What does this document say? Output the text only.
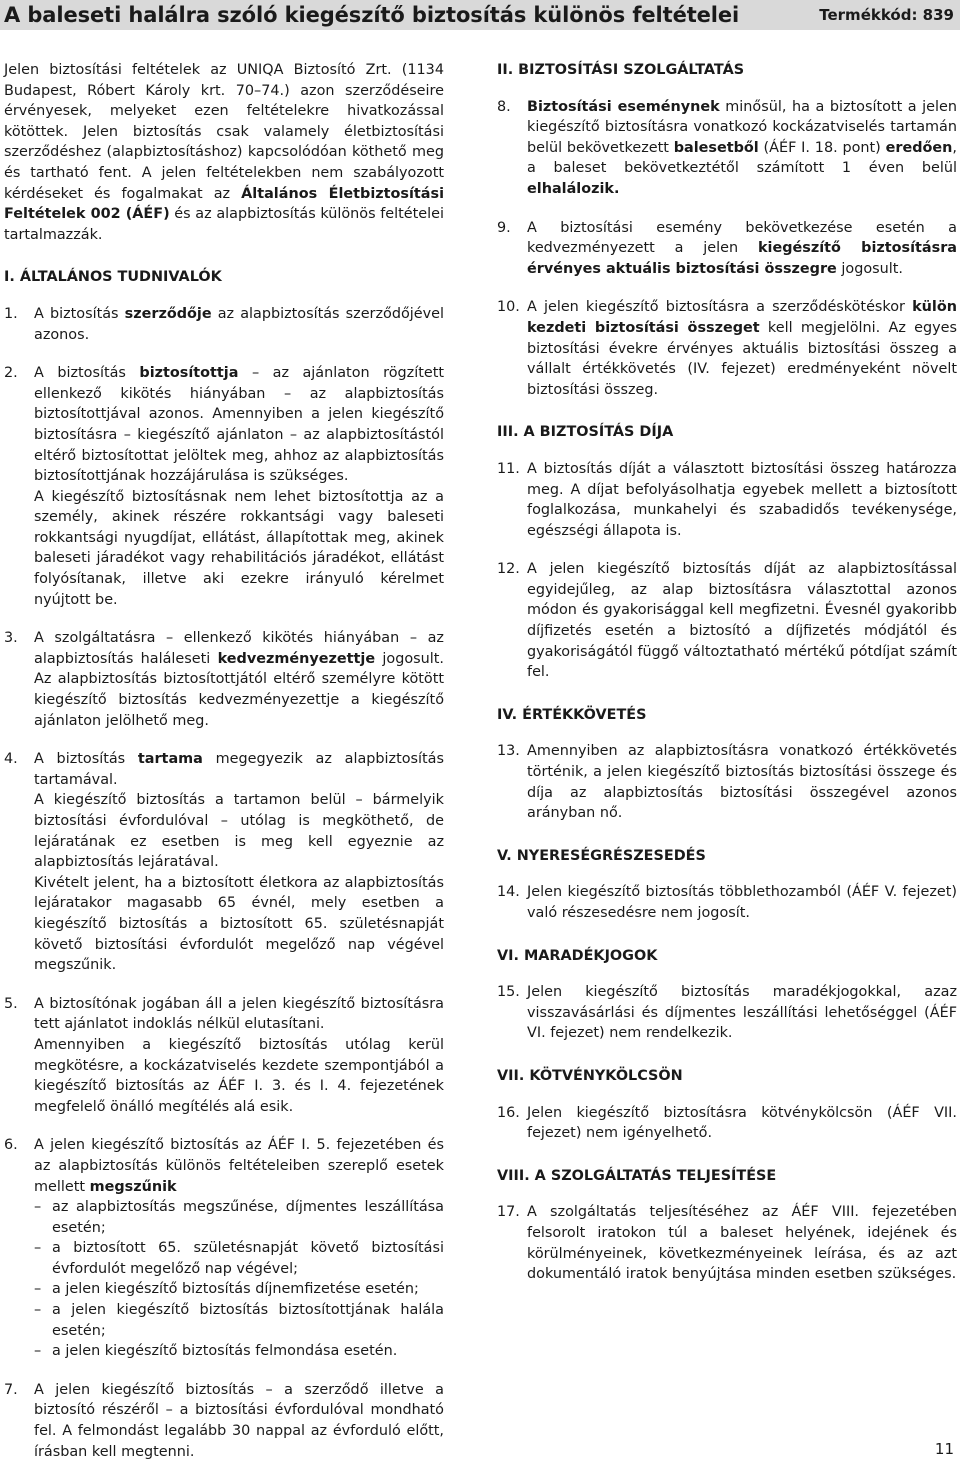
A baleseti halálra szóló kiegészítő biztosítás különös feltételei	Termékkód: 839

Jelen biztosítási feltételek az UNIQA Biztosító Zrt. (1134 Budapest, Róbert Károly krt. 70–74.) azon szerződéseire érvényesek, melyeket ezen feltételekre hivatkozással kötöttek. Jelen biztosítás csak valamely életbiztosítási szerződéshez (alapbiztosításhoz) kapcsolódóan köthető meg és tartható fent. A jelen feltételekben nem szabályozott kérdéseket és fogalmakat az Általános Életbiztosítási Feltételek 002 (ÁÉF) és az alapbiztosítás különös feltételei tartalmazzák.

I. ÁLTALÁNOS TUDNIVALÓK
1. A biztosítás szerződője az alapbiztosítás szerződőjével azonos.

2. A biztosítás biztosítottja – az ajánlaton rögzített ellenkező kikötés hiányában – az alapbiztosítás biztosítottjával azonos. Amennyiben a jelen kiegészítő biztosításra – kiegészítő ajánlaton – az alapbiztosítástól eltérő biztosítottat jelöltek meg, ahhoz az alapbiztosítás biztosítottjának hozzájárulása is szükséges.

A kiegészítő biztosításnak nem lehet biztosítottja az a személy, akinek részére rokkantsági vagy baleseti rokkantsági nyugdíjat, ellátást, állapítottak meg, akinek baleseti járadékot vagy rehabilitációs járadékot, ellátást folyósítanak, illetve aki ezekre irányuló kérelmet nyújtott be.

3. A szolgáltatásra – ellenkező kikötés hiányában – az alapbiztosítás haláleseti kedvezményezettje jogosult. Az alapbiztosítás biztosítottjától eltérő személyre kötött kiegészítő biztosítás kedvezményezettje a kiegészítő ajánlaton jelölhető meg.

4. A biztosítás tartama megegyezik az alapbiztosítás tartamával.

A kiegészítő biztosítás a tartamon belül – bármelyik biztosítási évfordulóval – utólag is megköthető, de lejáratának ez esetben is meg kell egyeznie az alapbiztosítás lejáratával.

Kivételt jelent, ha a biztosított életkora az alapbiztosítás lejáratakor magasabb 65 évnél, mely esetben a kiegészítő biztosítás a biztosított 65. születésnapját követő biztosítási évfordulót megelőző nap végével megszűnik.

5. A biztosítónak jogában áll a jelen kiegészítő biztosításra tett ajánlatot indoklás nélkül elutasítani.

Amennyiben a kiegészítő biztosítás utólag kerül megkötésre, a kockázatviselés kezdete szempontjából a kiegészítő biztosítás az ÁÉF I. 3. és I. 4. fejezetének megfelelő önálló megítélés alá esik.

6. A jelen kiegészítő biztosítás az ÁÉF I. 5. fejezetében és az alapbiztosítás különös feltételeiben szereplő esetek mellett megszűnik

– az alapbiztosítás megszűnése, díjmentes leszállítása esetén;
– a biztosított 65. születésnapját követő biztosítási évfordulót megelőző nap végével;
– a jelen kiegészítő biztosítás díjnemfizetése esetén;
– a jelen kiegészítő biztosítás biztosítottjának halála esetén;
– a jelen kiegészítő biztosítás felmondása esetén.
7. A jelen kiegészítő biztosítás – a szerződő illetve a biztosító részéről – a biztosítási évfordulóval mondható fel. A felmondást legalább 30 nappal az évforduló előtt, írásban kell megtenni.

II. BIZTOSÍTÁSI SZOLGÁLTATÁS
8. Biztosítási eseménynek minősül, ha a biztosított a jelen kiegészítő biztosításra vonatkozó kockázatviselés tartamán belül bekövetkezett balesetből (ÁÉF I. 18. pont) eredően, a baleset bekövetkeztétől számított 1 éven belül elhalálozik.

9. A biztosítási esemény bekövetkezése esetén a kedvezményezett a jelen kiegészítő biztosításra érvényes aktuális biztosítási összegre jogosult.

10. A jelen kiegészítő biztosításra a szerződéskötéskor külön kezdeti biztosítási összeget kell megjelölni. Az egyes biztosítási évekre érvényes aktuális biztosítási összeg a vállalt értékkövetés (IV. fejezet) eredményeként növelt biztosítási összeg.

III. A BIZTOSÍTÁS DÍJA
11. A biztosítás díját a választott biztosítási összeg határozza meg. A díjat befolyásolhatja egyebek mellett a biztosított foglalkozása, munkahelyi és szabadidős tevékenysége, egészségi állapota is.

12. A jelen kiegészítő biztosítás díját az alapbiztosítással egyidejűleg, az alap biztosításra választottal azonos módon és gyakorisággal kell megfizetni. Évesnél gyakoribb díjfizetés esetén a biztosító a díjfizetés módjától és gyakoriságától függő változtatható mértékű pótdíjat számít fel.

IV. ÉRTÉKKÖVETÉS
13. Amennyiben az alapbiztosításra vonatkozó értékkövetés történik, a jelen kiegészítő biztosítás biztosítási összege és díja az alapbiztosítás biztosítási összegével azonos arányban nő.

V. NYERESÉGRÉSZESEDÉS
14. Jelen kiegészítő biztosítás többlethozamból (ÁÉF V. fejezet) való részesedésre nem jogosít.

VI. MARADÉKJOGOK
15. Jelen kiegészítő biztosítás maradékjogokkal, azaz visszavásárlási és díjmentes leszállítási lehetőséggel (ÁÉF VI. fejezet) nem rendelkezik.

VII. KÖTVÉNYKÖLCSÖN
16. Jelen kiegészítő biztosításra kötvénykölcsön (ÁÉF VII. fejezet) nem igényelhető.

VIII. A SZOLGÁLTATÁS TELJESÍTÉSE
17. A szolgáltatás teljesítéséhez az ÁÉF VIII. fejezetében felsorolt iratokon túl a baleset helyének, idejének és körülményeinek, következményeinek leírása, és az azt dokumentáló iratok benyújtása minden esetben szükséges.

11
